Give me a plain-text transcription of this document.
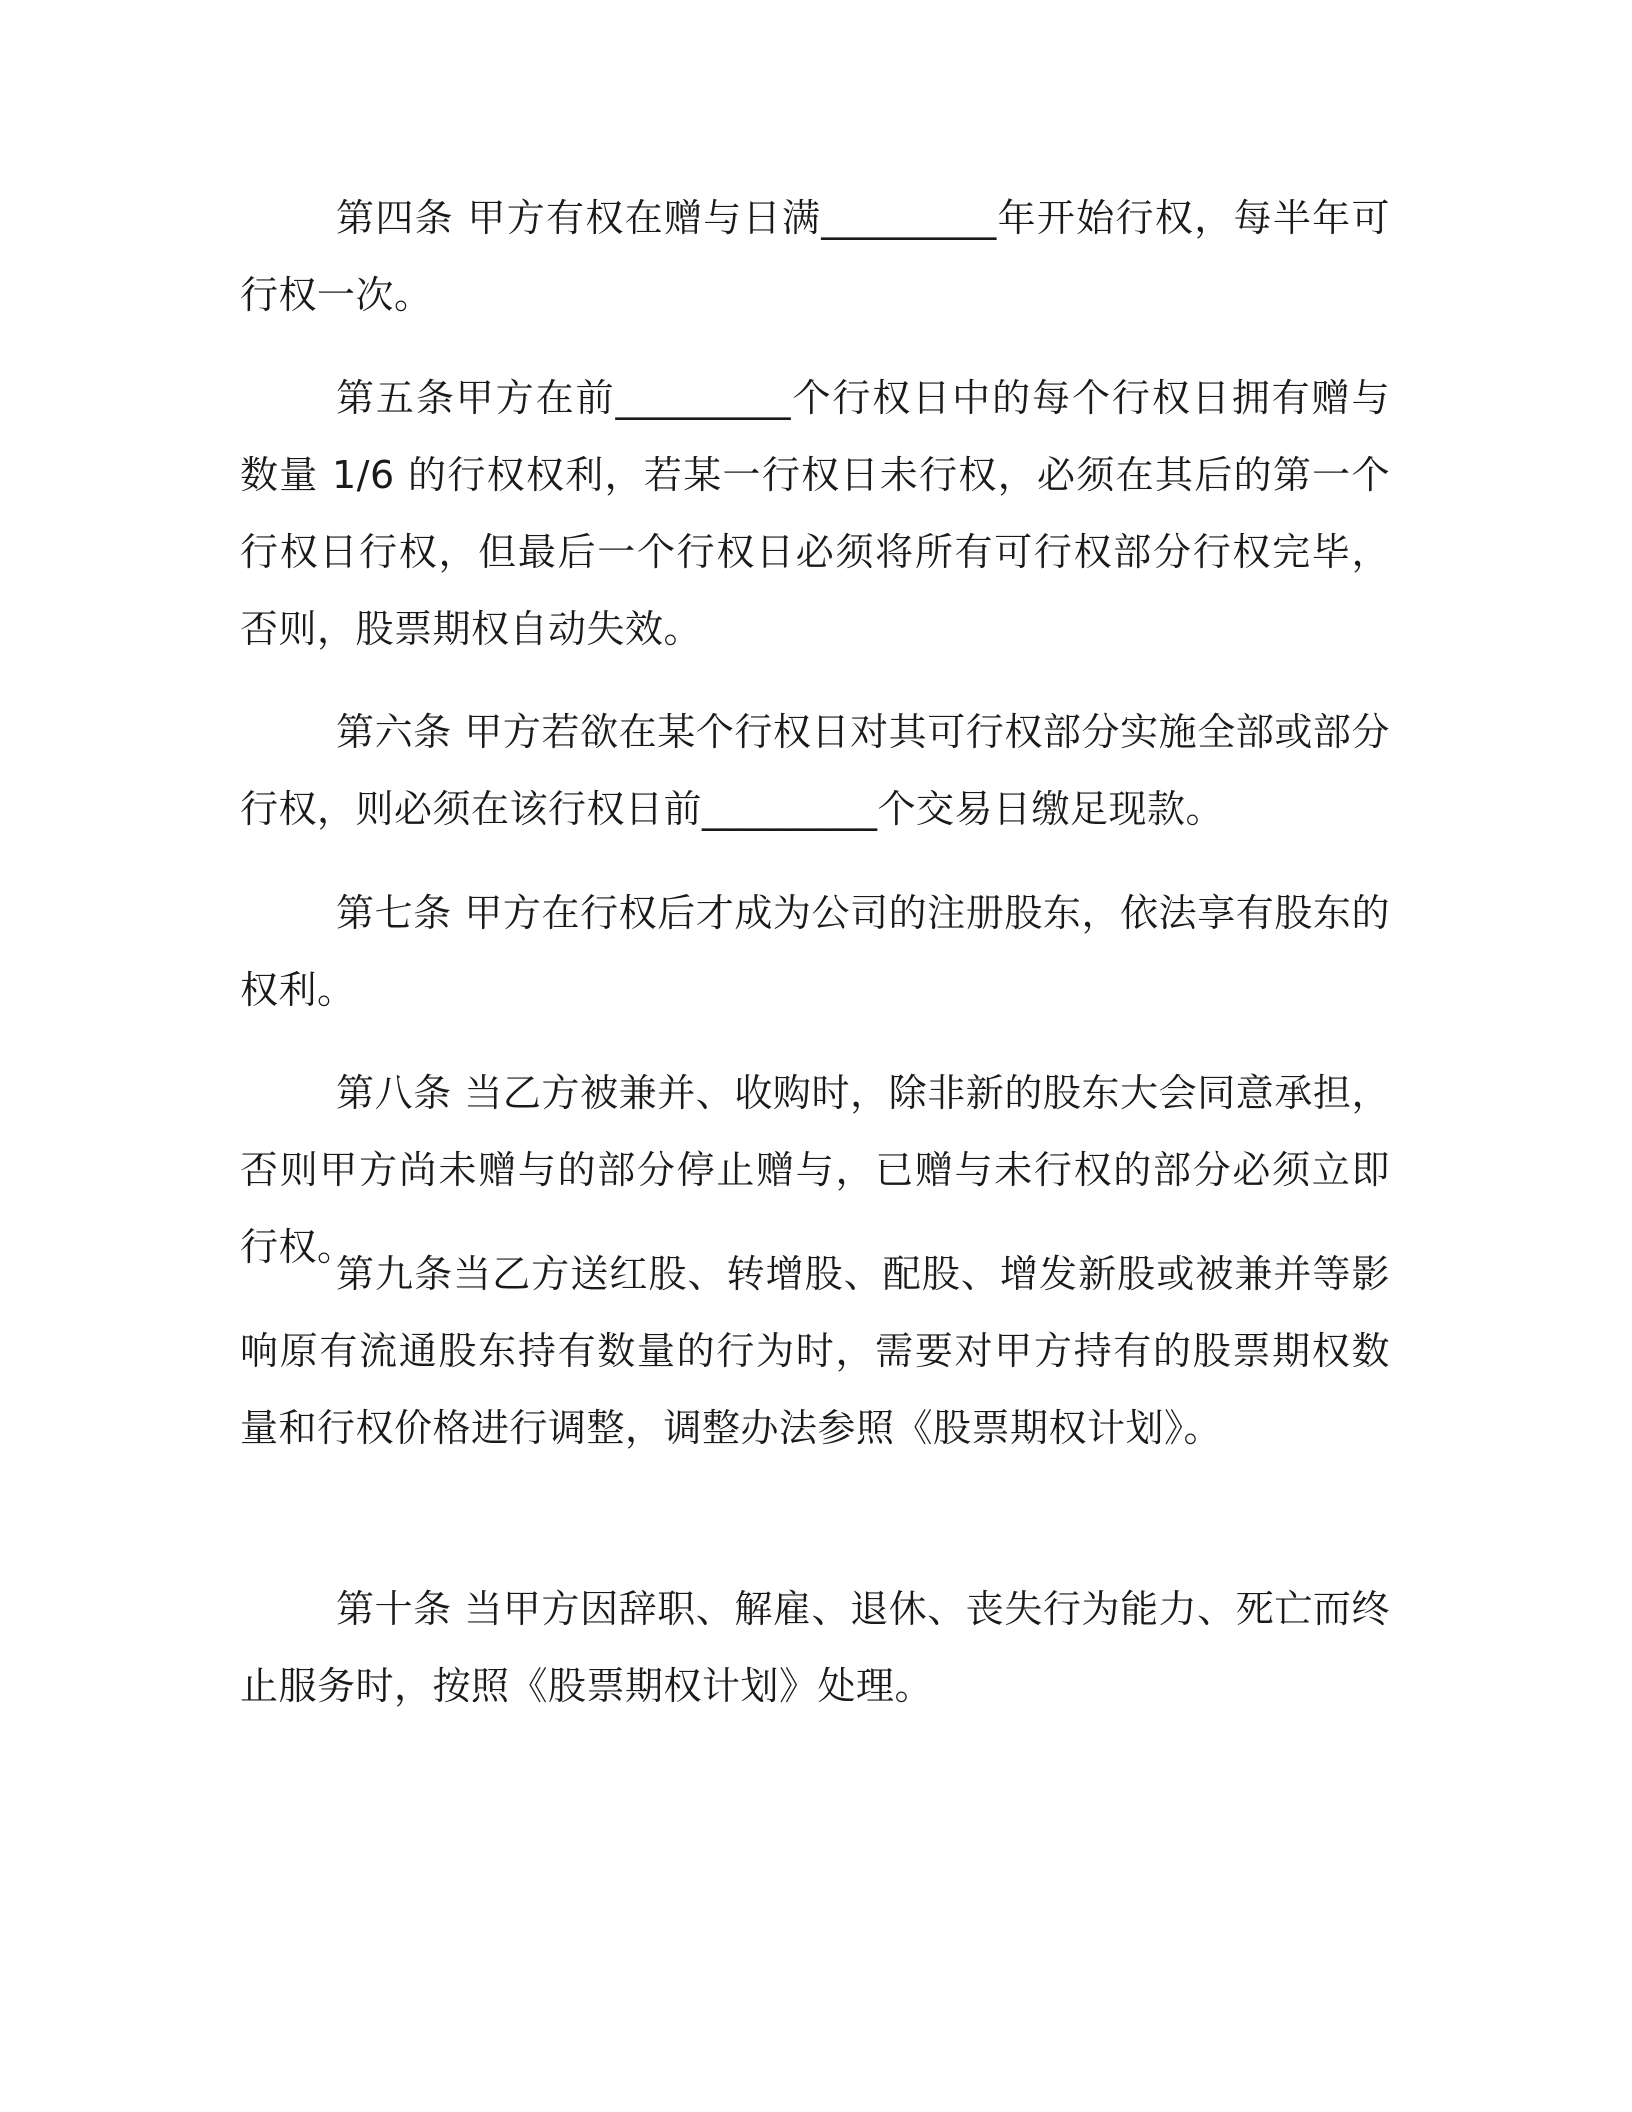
第四条 甲方有权在赠与日满_________年开始行权，每半年可行权一次。

第五条甲方在前_________个行权日中的每个行权日拥有赠与数量 1/6 的行权权利，若某一行权日未行权，必须在其后的第一个行权日行权，但最后一个行权日必须将所有可行权部分行权完毕，否则，股票期权自动失效。

第六条 甲方若欲在某个行权日对其可行权部分实施全部或部分行权，则必须在该行权日前_________个交易日缴足现款。

第七条 甲方在行权后才成为公司的注册股东，依法享有股东的权利。

第八条 当乙方被兼并、收购时，除非新的股东大会同意承担，否则甲方尚未赠与的部分停止赠与，已赠与未行权的部分必须立即行权。

第九条当乙方送红股、转增股、配股、增发新股或被兼并等影响原有流通股东持有数量的行为时，需要对甲方持有的股票期权数量和行权价格进行调整，调整办法参照《股票期权计划》。

第十条 当甲方因辞职、解雇、退休、丧失行为能力、死亡而终止服务时，按照《股票期权计划》处理。
